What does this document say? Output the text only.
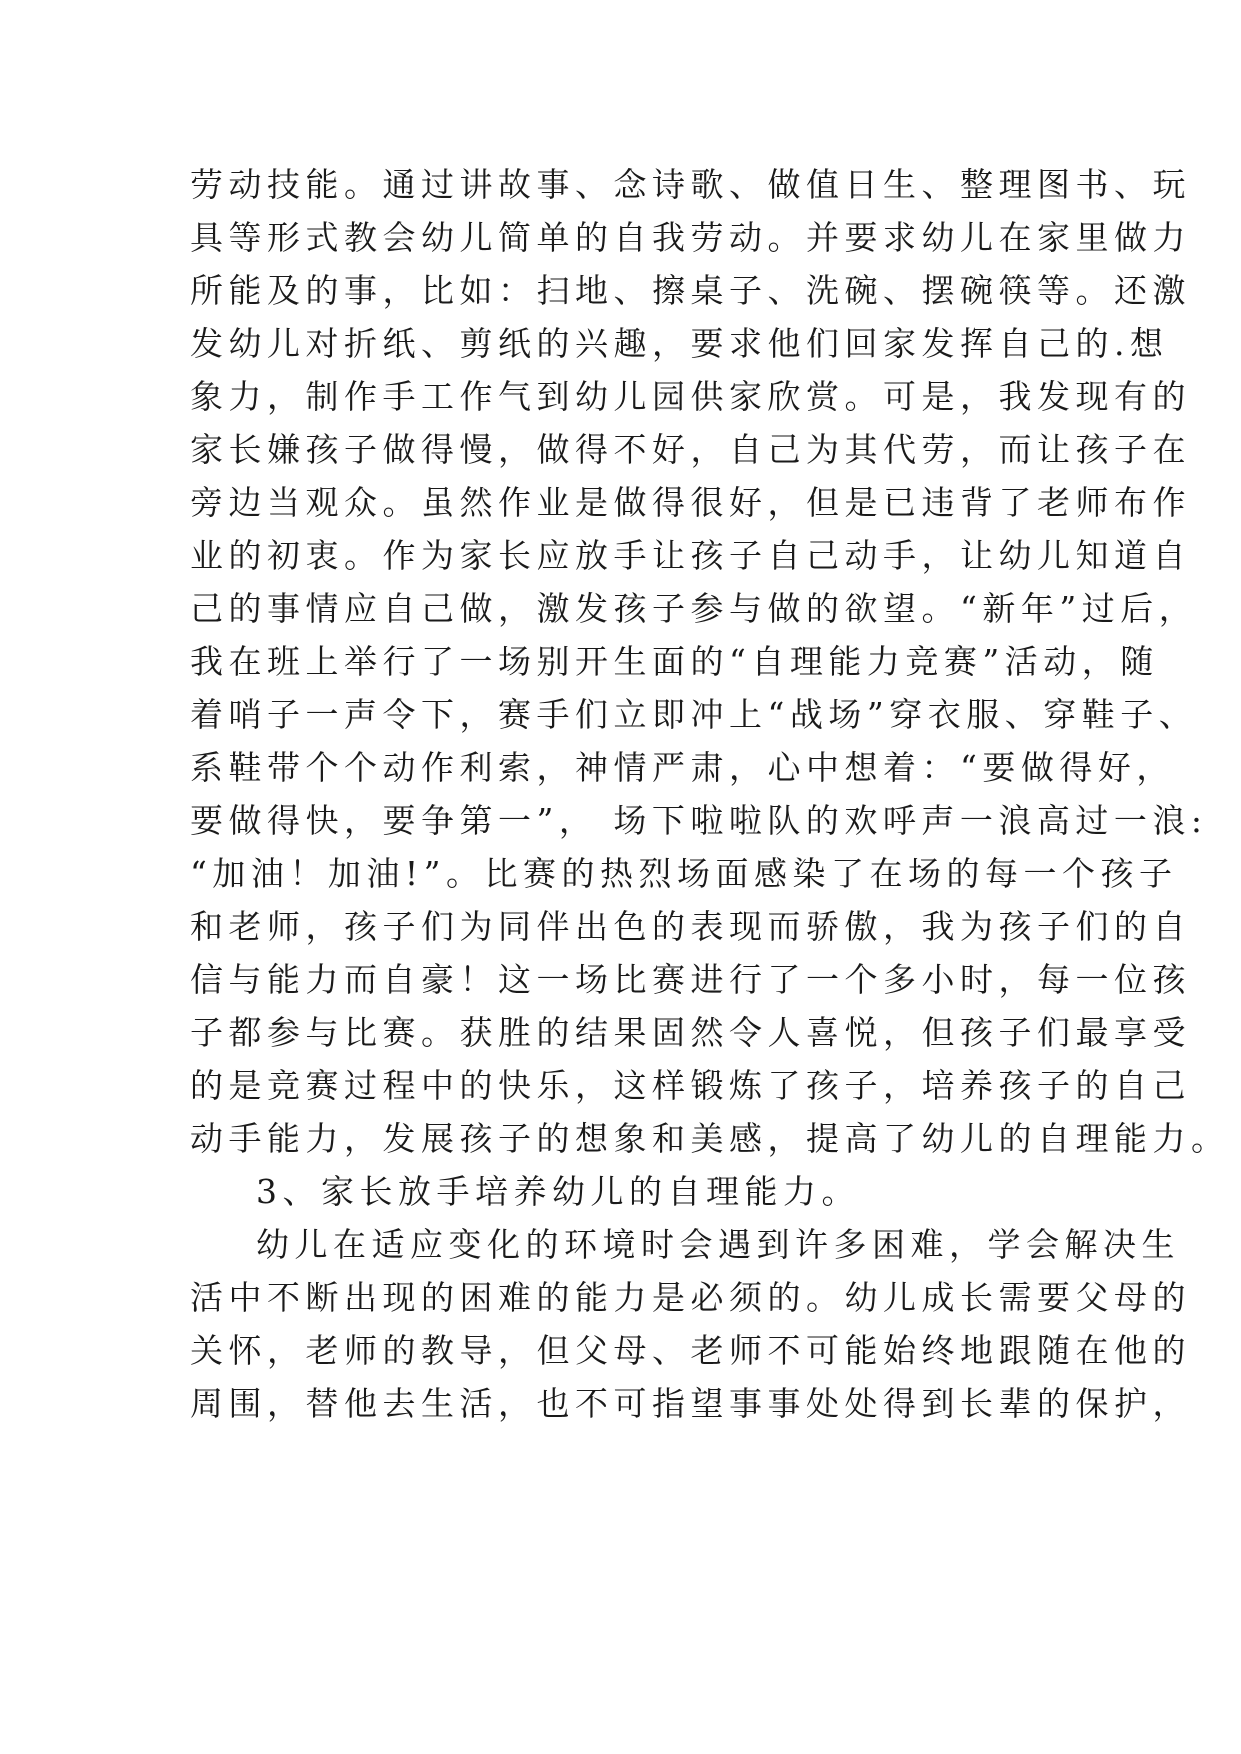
劳动技能。通过讲故事、念诗歌、做值日生、整理图书、玩
具等形式教会幼儿简单的自我劳动。并要求幼儿在家里做力
所能及的事，比如：扫地、擦桌子、洗碗、摆碗筷等。还激
发幼儿对折纸、剪纸的兴趣，要求他们回家发挥自己的.想
象力，制作手工作气到幼儿园供家欣赏。可是，我发现有的
家长嫌孩子做得慢，做得不好，自己为其代劳，而让孩子在
旁边当观众。虽然作业是做得很好，但是已违背了老师布作
业的初衷。作为家长应放手让孩子自己动手，让幼儿知道自
己的事情应自己做，激发孩子参与做的欲望。“新年”过后，
我在班上举行了一场别开生面的“自理能力竞赛”活动，随
着哨子一声令下，赛手们立即冲上“战场”穿衣服、穿鞋子、
系鞋带个个动作利索，神情严肃，心中想着：“要做得好，
要做得快，要争第一”， 场下啦啦队的欢呼声一浪高过一浪:
“加油！加油!”。比赛的热烈场面感染了在场的每一个孩子
和老师，孩子们为同伴出色的表现而骄傲，我为孩子们的自
信与能力而自豪！这一场比赛进行了一个多小时，每一位孩
子都参与比赛。获胜的结果固然令人喜悦，但孩子们最享受
的是竞赛过程中的快乐，这样锻炼了孩子，培养孩子的自己
动手能力，发展孩子的想象和美感，提高了幼儿的自理能力。
3、家长放手培养幼儿的自理能力。
幼儿在适应变化的环境时会遇到许多困难，学会解决生
活中不断出现的困难的能力是必须的。幼儿成长需要父母的
关怀，老师的教导，但父母、老师不可能始终地跟随在他的
周围，替他去生活，也不可指望事事处处得到长辈的保护，
